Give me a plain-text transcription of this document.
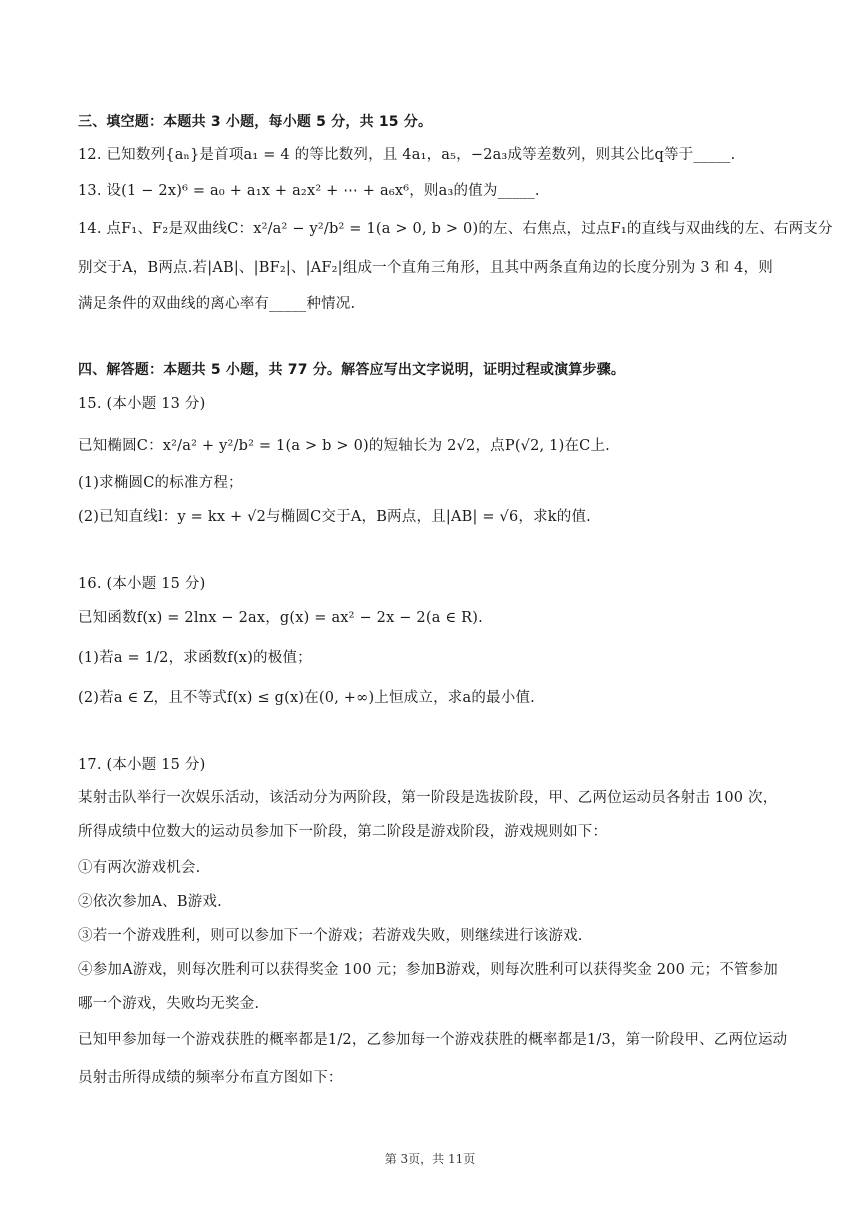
三、填空题：本题共 3 小题，每小题 5 分，共 15 分。
12. 已知数列{aₙ}是首项a₁ = 4 的等比数列，且 4a₁，a₅，−2a₃成等差数列，则其公比q等于_____.
13. 设(1 − 2x)⁶ = a₀ + a₁x + a₂x² + ⋯ + a₆x⁶，则a₃的值为_____.
14. 点F₁、F₂是双曲线C：x²/a² − y²/b² = 1(a > 0, b > 0)的左、右焦点，过点F₁的直线与双曲线的左、右两支分
别交于A，B两点.若|AB|、|BF₂|、|AF₂|组成一个直角三角形，且其中两条直角边的长度分别为 3 和 4，则
满足条件的双曲线的离心率有_____种情况.
四、解答题：本题共 5 小题，共 77 分。解答应写出文字说明，证明过程或演算步骤。
15. (本小题 13 分)
已知椭圆C：x²/a² + y²/b² = 1(a > b > 0)的短轴长为 2√2，点P(√2, 1)在C上.
(1)求椭圆C的标准方程；
(2)已知直线l：y = kx + √2与椭圆C交于A，B两点，且|AB| = √6，求k的值.
16. (本小题 15 分)
已知函数f(x) = 2lnx − 2ax，g(x) = ax² − 2x − 2(a ∈ R).
(1)若a = 1/2，求函数f(x)的极值；
(2)若a ∈ Z，且不等式f(x) ≤ g(x)在(0, +∞)上恒成立，求a的最小值.
17. (本小题 15 分)
某射击队举行一次娱乐活动，该活动分为两阶段，第一阶段是选拔阶段，甲、乙两位运动员各射击 100 次，
所得成绩中位数大的运动员参加下一阶段，第二阶段是游戏阶段，游戏规则如下：
①有两次游戏机会.
②依次参加A、B游戏.
③若一个游戏胜利，则可以参加下一个游戏；若游戏失败，则继续进行该游戏.
④参加A游戏，则每次胜利可以获得奖金 100 元；参加B游戏，则每次胜利可以获得奖金 200 元；不管参加
哪一个游戏，失败均无奖金.
已知甲参加每一个游戏获胜的概率都是1/2，乙参加每一个游戏获胜的概率都是1/3，第一阶段甲、乙两位运动
员射击所得成绩的频率分布直方图如下：
第 3页，共 11页
